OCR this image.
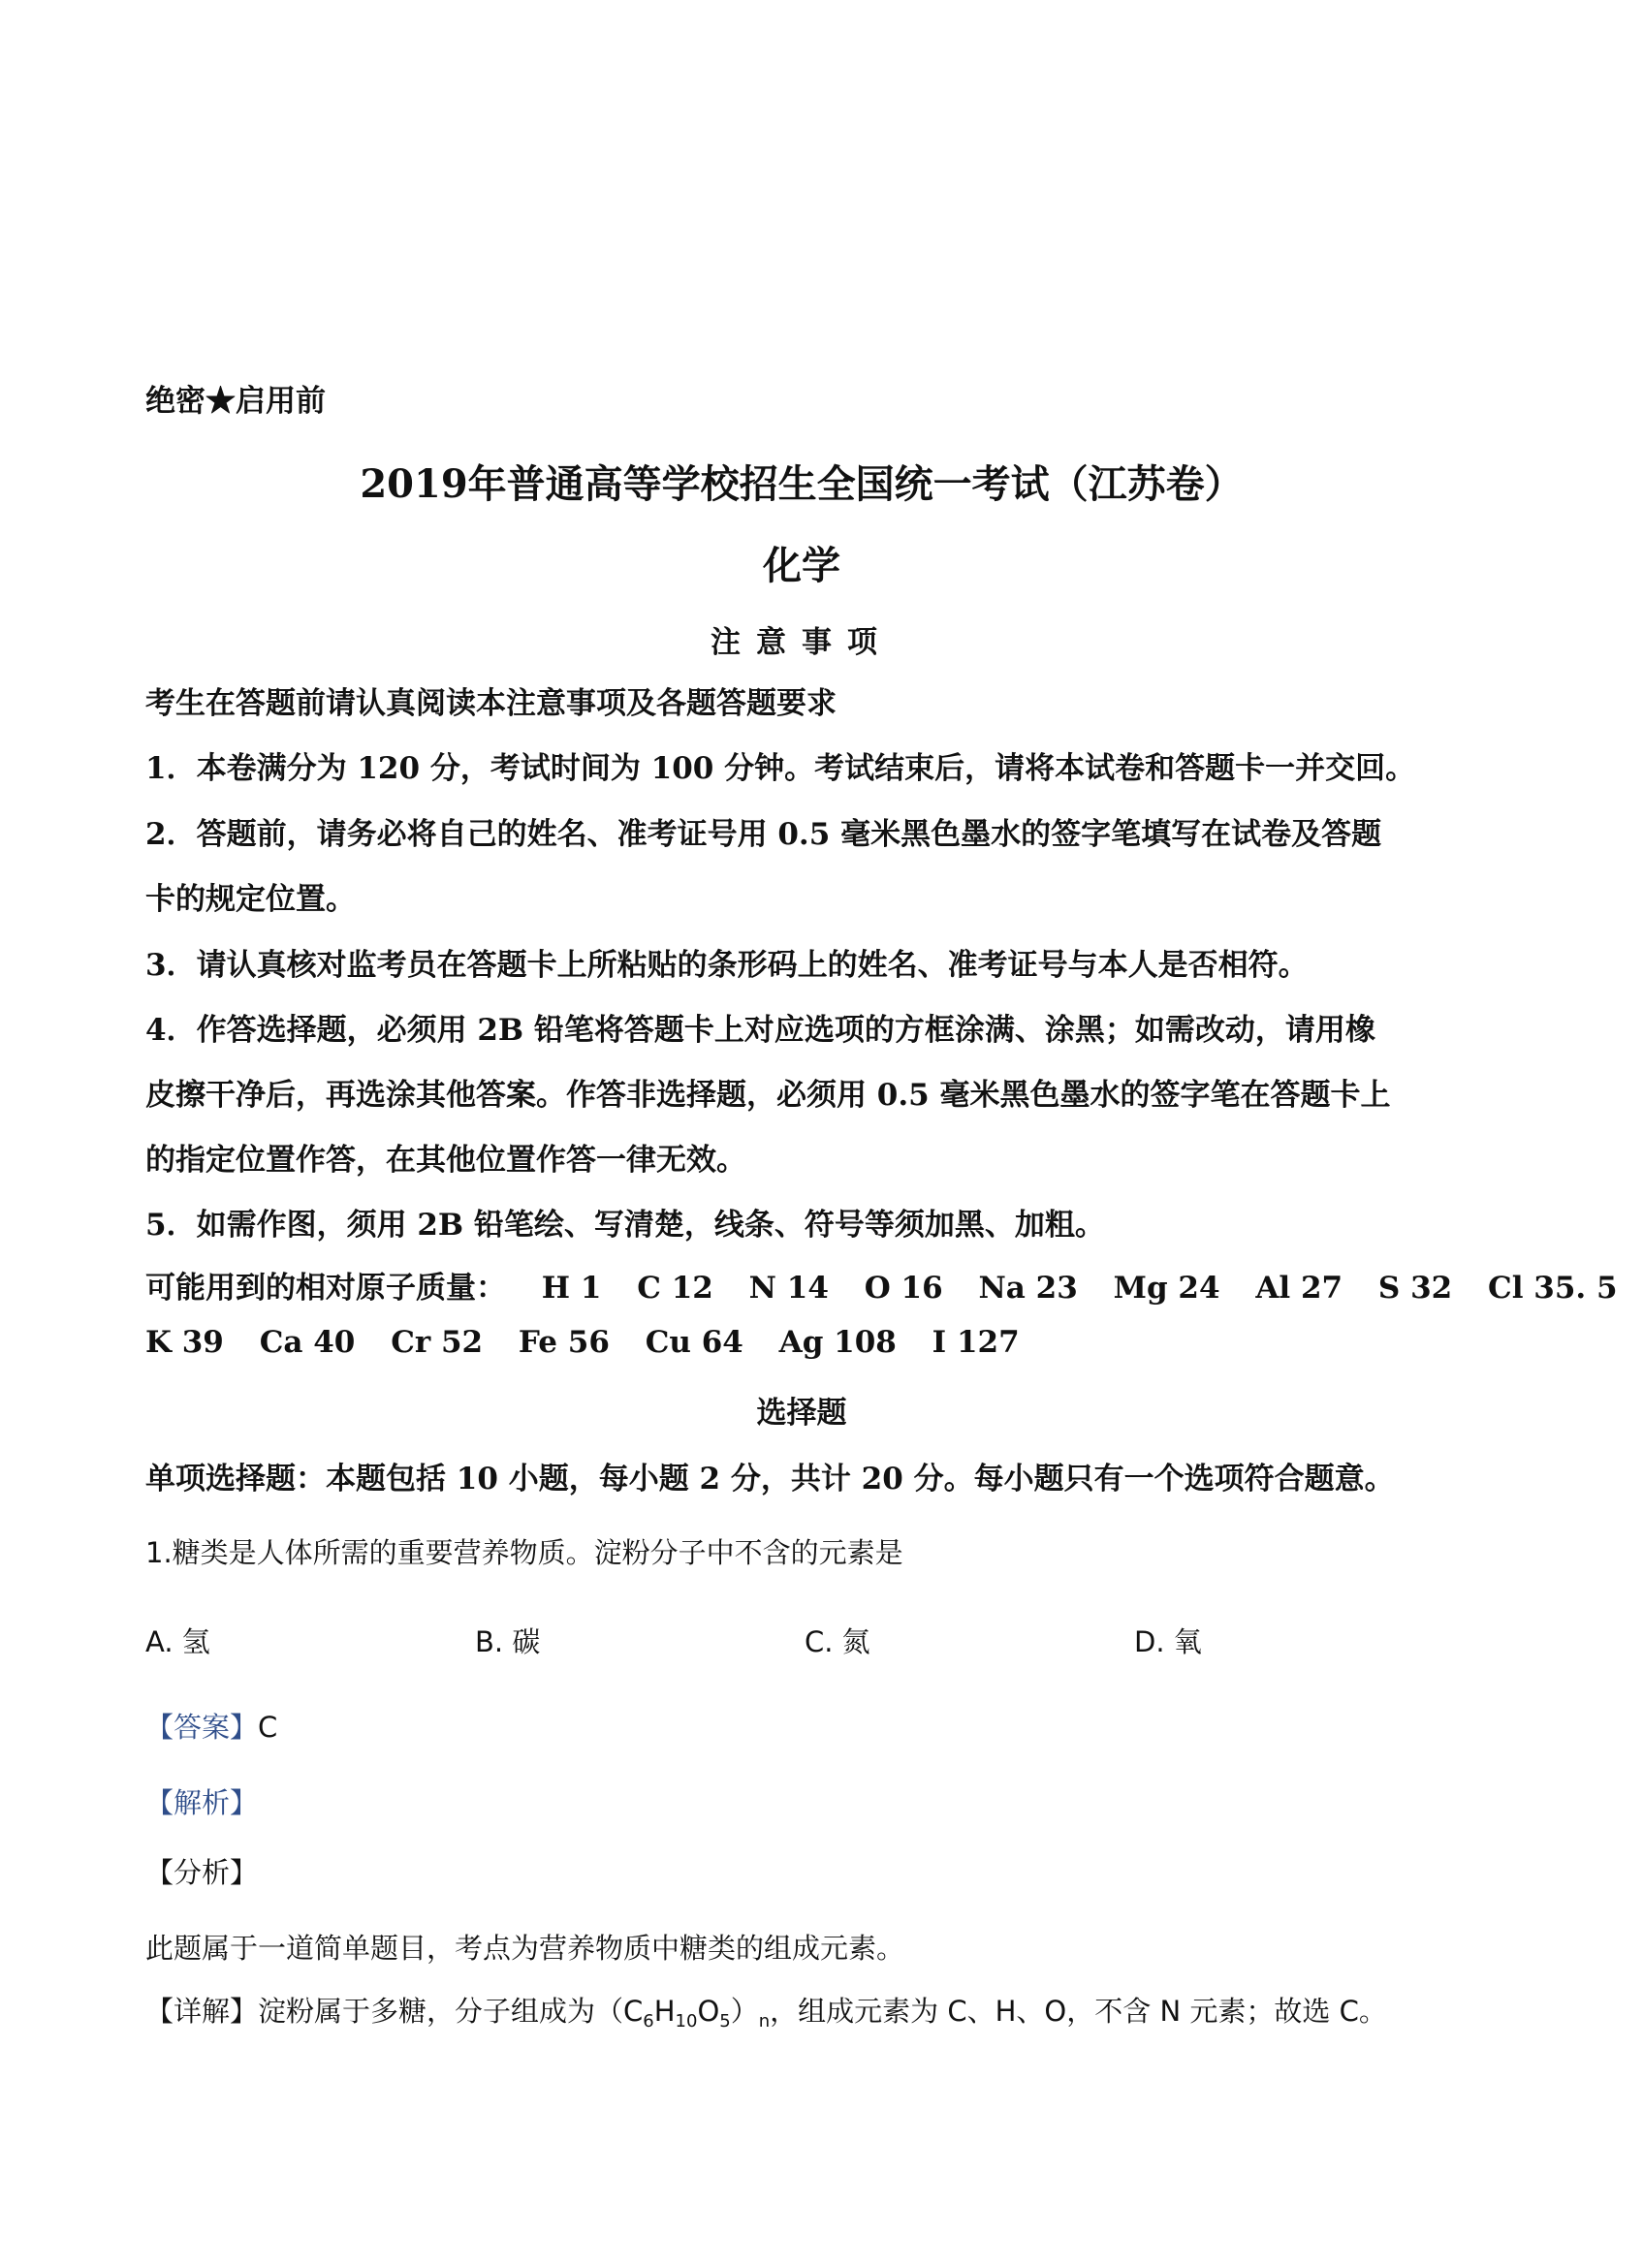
绝密★启用前
2019年普通高等学校招生全国统一考试（江苏卷）
化学
注意事项
考生在答题前请认真阅读本注意事项及各题答题要求
1．本卷满分为 120 分，考试时间为 100 分钟。考试结束后，请将本试卷和答题卡一并交回。
2．答题前，请务必将自己的姓名、准考证号用 0.5 毫米黑色墨水的签字笔填写在试卷及答题
卡的规定位置。
3．请认真核对监考员在答题卡上所粘贴的条形码上的姓名、准考证号与本人是否相符。
4．作答选择题，必须用 2B 铅笔将答题卡上对应选项的方框涂满、涂黑；如需改动，请用橡
皮擦干净后，再选涂其他答案。作答非选择题，必须用 0.5 毫米黑色墨水的签字笔在答题卡上
的指定位置作答，在其他位置作答一律无效。
5．如需作图，须用 2B 铅笔绘、写清楚，线条、符号等须加黑、加粗。
可能用到的相对原子质量： H 1 C 12 N 14 O 16 Na 23 Mg 24 Al 27 S 32 Cl 35. 5
K 39 Ca 40 Cr 52 Fe 56 Cu 64 Ag 108 I 127
选择题
单项选择题：本题包括 10 小题，每小题 2 分，共计 20 分。每小题只有一个选项符合题意。
1.糖类是人体所需的重要营养物质。淀粉分子中不含的元素是
A. 氢	B. 碳	C. 氮	D. 氧
【答案】C
【解析】
【分析】
此题属于一道简单题目，考点为营养物质中糖类的组成元素。
【详解】淀粉属于多糖，分子组成为$(C_6H_{10}O_5)_n$，组成元素为 C、H、O，不含 N 元素；故选 C。
